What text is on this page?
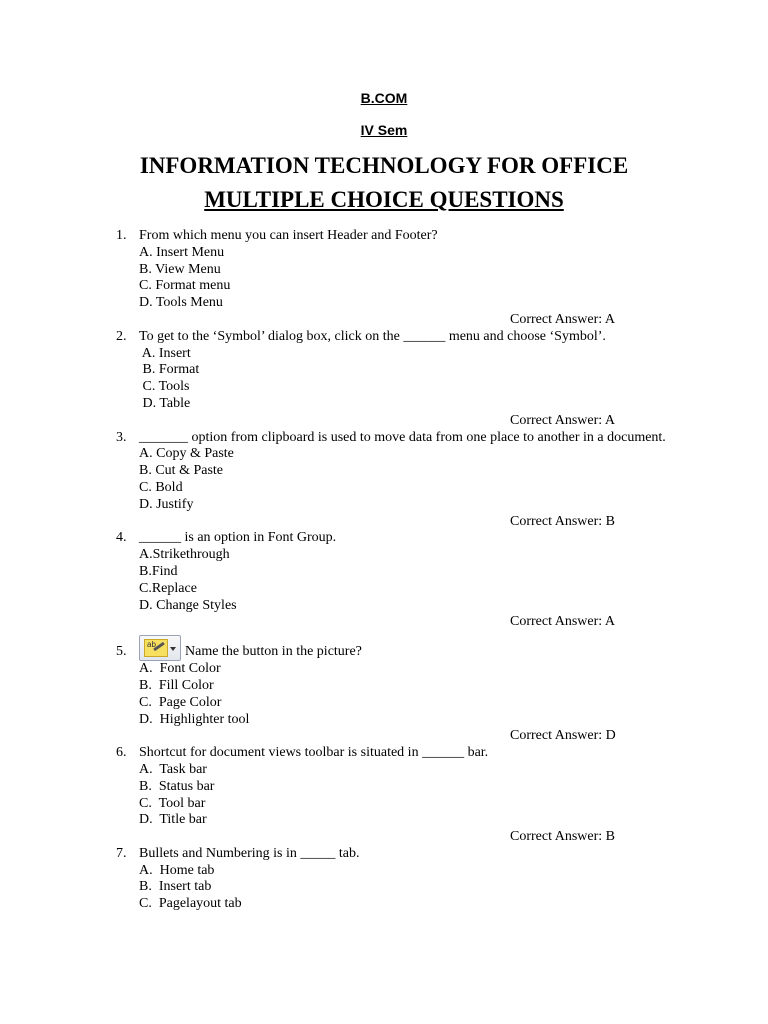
B.COM
IV Sem
INFORMATION TECHNOLOGY FOR OFFICE
MULTIPLE CHOICE QUESTIONS
1. From which menu you can insert Header and Footer?
A. Insert Menu
B. View Menu
C. Format menu
D. Tools Menu
Correct Answer: A
2. To get to the ‘Symbol’ dialog box, click on the ______ menu and choose ‘Symbol’.
A. Insert
B. Format
C. Tools
D. Table
Correct Answer: A
3. _______ option from clipboard is used to move data from one place to another in a document.
A. Copy & Paste
B. Cut & Paste
C. Bold
D. Justify
Correct Answer: B
4. ______ is an option in Font Group.
A.Strikethrough
B.Find
C.Replace
D. Change Styles
Correct Answer: A
5.	ab	Name the button in the picture?
A.  Font Color
B.  Fill Color
C.  Page Color
D.  Highlighter tool
Correct Answer: D
6. Shortcut for document views toolbar is situated in ______ bar.
A.  Task bar
B.  Status bar
C.  Tool bar
D.  Title bar
Correct Answer: B
7. Bullets and Numbering is in _____ tab.
A.  Home tab
B.  Insert tab
C.  Pagelayout tab
